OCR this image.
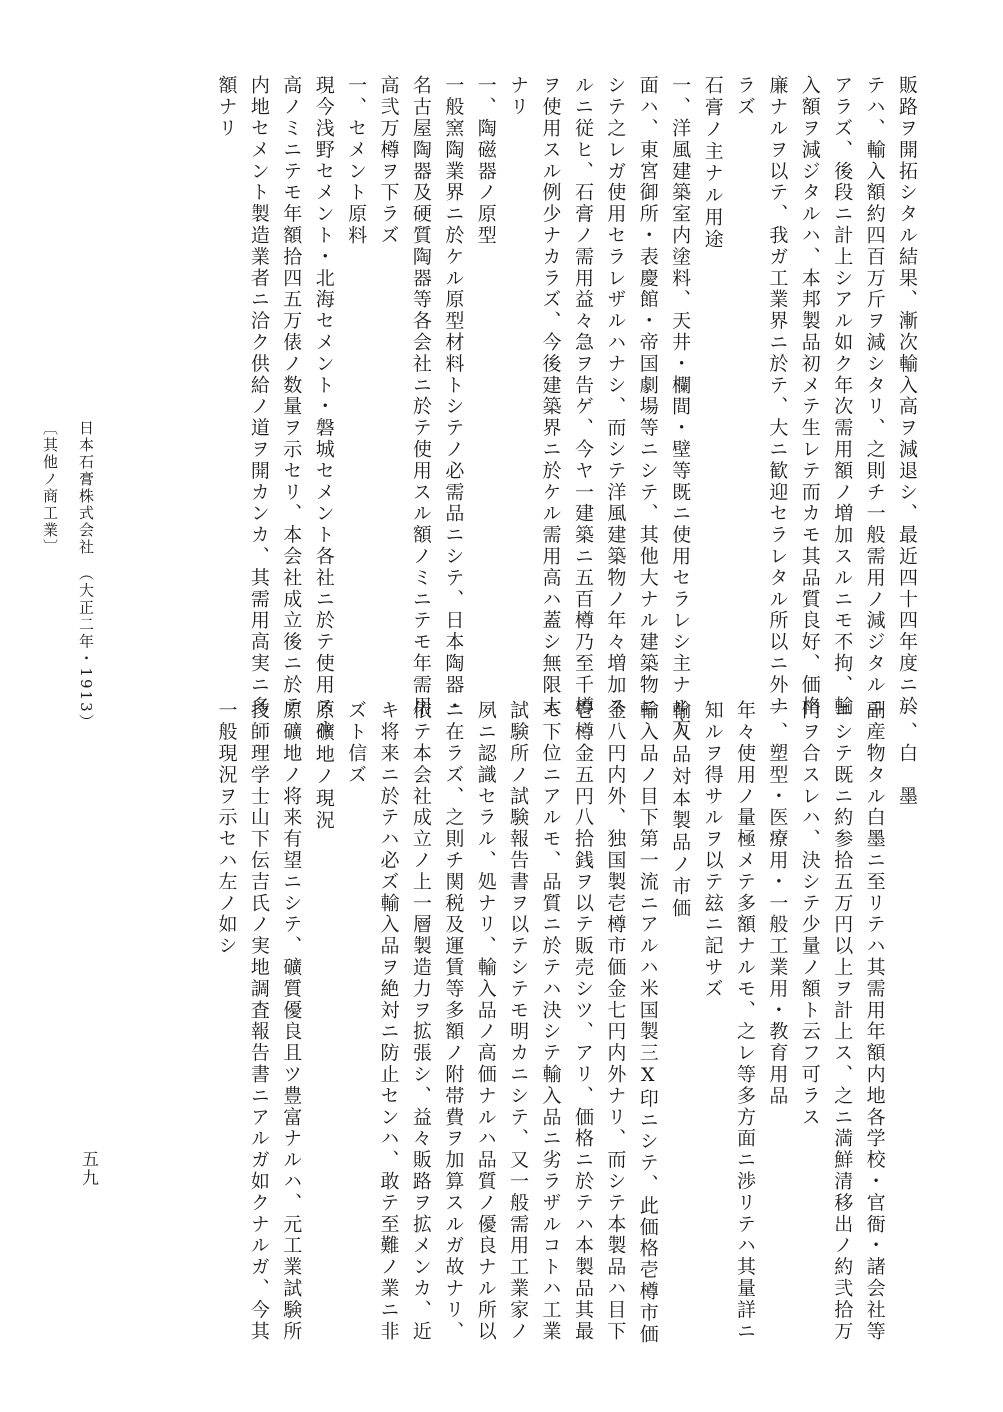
販路ヲ開拓シタル結果、漸次輸入高ヲ減退シ、最近四十四年度ニ於
テハ、輸入額約四百万斤ヲ減シタリ、之則チ一般需用ノ減ジタルニ
アラズ、後段ニ計上シアル如ク年次需用額ノ増加スルニモ不拘、輸
入額ヲ減ジタルハ、本邦製品初メテ生レテ而カモ其品質良好、価格
廉ナルヲ以テ、我ガ工業界ニ於テ、大ニ歓迎セラレタル所以ニ外ナ
ラズ
石膏ノ主ナル用途
一、洋風建築室内塗料、天井・欄間・壁等既ニ使用セラレシ主ナル方
面ハ、東宮御所・表慶館・帝国劇場等ニシテ、其他大ナル建築物ニ
シテ之レガ使用セラレザルハナシ、而シテ洋風建築物ノ年々増加ス
ルニ従ヒ、石膏ノ需用益々急ヲ告ゲ、今ヤ一建築ニ五百樽乃至千樽
ヲ使用スル例少ナカラズ、今後建築界ニ於ケル需用高ハ蓋シ無限大
ナリ
一、陶磁器ノ原型
一般窯陶業界ニ於ケル原型材料トシテノ必需品ニシテ、日本陶器・
名古屋陶器及硬質陶器等各会社ニ於テ使用スル額ノミニテモ年需用
高弐万樽ヲ下ラズ
一、セメント原料
現今浅野セメント・北海セメント・磐城セメント各社ニ於テ使用スル
高ノミニテモ年額拾四五万俵ノ数量ヲ示セリ、本会社成立後ニ於テ
内地セメント製造業者ニ洽ク供給ノ道ヲ開カンカ、其需用高実ニ多
額ナリ
一、白　墨
副産物タル白墨ニ至リテハ其需用年額内地各学校・官衙・諸会社等
ニシテ既ニ約参拾五万円以上ヲ計上ス、之ニ満鮮清移出ノ約弐拾万
円ヲ合スレハ、決シテ少量ノ額ト云フ可ラス
一、塑型・医療用・一般工業用・教育用品
年々使用ノ量極メテ多額ナルモ、之レ等多方面ニ渉リテハ其量詳ニ
知ルヲ得サルヲ以テ玆ニ記サズ
輸入品対本製品ノ市価
輸入品ノ目下第一流ニアルハ米国製三Ⅹ印ニシテ、此価格壱樽市価
金八円内外、独国製壱樽市価金七円内外ナリ、而シテ本製品ハ目下
壱樽金五円八拾銭ヲ以テ販売シツ、アリ、価格ニ於テハ本製品其最
モ下位ニアルモ、品質ニ於テハ決シテ輸入品ニ劣ラザルコトハ工業
試験所ノ試験報告書ヲ以テシテモ明カニシテ、又一般需用工業家ノ
夙ニ認識セラル、処ナリ、輸入品ノ高価ナルハ品質ノ優良ナル所以
ニ在ラズ、之則チ関税及運賃等多額ノ附帯費ヲ加算スルガ故ナリ、
依テ本会社成立ノ上一層製造力ヲ拡張シ、益々販路ヲ拡メンカ、近
キ将来ニ於テハ必ズ輸入品ヲ絶対ニ防止センハ、敢テ至難ノ業ニ非
ズト信ズ
原礦地ノ現況
原礦地ノ将来有望ニシテ、礦質優良且ツ豊富ナルハ、元工業試験所
技師理学士山下伝吉氏ノ実地調査報告書ニアルガ如クナルガ、今其
一般現況ヲ示セハ左ノ如シ
〔其他ノ商工業〕 日本石膏株式会社　（大正二年・1913）
五九
